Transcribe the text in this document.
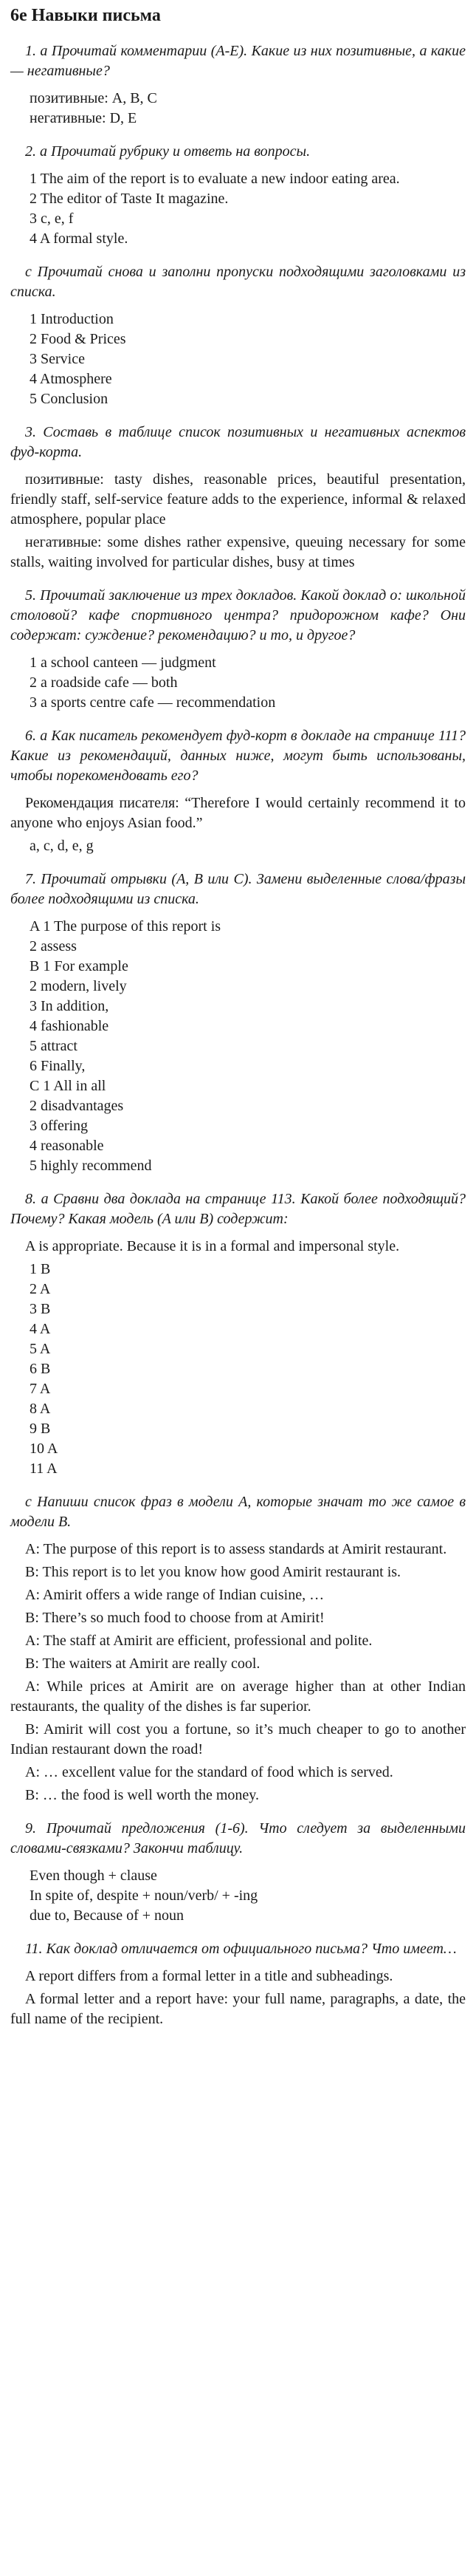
6e Навыки письма
1. a Прочитай комментарии (A-E). Какие из них позитивные, а какие — негативные?
позитивные: A, B, C
негативные: D, E
2. a Прочитай рубрику и ответь на вопросы.
1 The aim of the report is to evaluate a new indoor eating area.
2 The editor of Taste It magazine.
3 c, e, f
4 A formal style.
c Прочитай снова и заполни пропуски подходящими заголовками из списка.
1 Introduction
2 Food & Prices
3 Service
4 Atmosphere
5 Conclusion
3. Составь в таблице список позитивных и негативных аспектов фуд-корта.
позитивные: tasty dishes, reasonable prices, beautiful presentation, friendly staff, self-service feature adds to the experience, informal & relaxed atmosphere, popular place
негативные: some dishes rather expensive, queuing necessary for some stalls, waiting involved for particular dishes, busy at times
5. Прочитай заключение из трех докладов. Какой доклад о: школьной столовой? кафе спортивного центра? придорожном кафе? Они содержат: суждение? рекомендацию? и то, и другое?
1 a school canteen — judgment
2 a roadside cafe — both
3 a sports centre cafe — recommendation
6. a Как писатель рекомендует фуд-корт в докладе на странице 111? Какие из рекомендаций, данных ниже, могут быть использованы, чтобы порекомендовать его?
Рекомендация писателя: “Therefore I would certainly recommend it to anyone who enjoys Asian food.”
a, c, d, e, g
7. Прочитай отрывки (A, B или C). Замени выделенные слова/фразы более подходящими из списка.
A 1 The purpose of this report is
2 assess
B 1 For example
2 modern, lively
3 In addition,
4 fashionable
5 attract
6 Finally,
C 1 All in all
2 disadvantages
3 offering
4 reasonable
5 highly recommend
8. a Сравни два доклада на странице 113. Какой более подходящий? Почему? Какая модель (A или B) содержит:
A is appropriate. Because it is in a formal and impersonal style.
1 B
2 A
3 B
4 A
5 A
6 B
7 A
8 A
9 B
10 A
11 A
c Напиши список фраз в модели A, которые значат то же самое в модели B.
A: The purpose of this report is to assess standards at Amirit restaurant.
B: This report is to let you know how good Amirit restaurant is.
A: Amirit offers a wide range of Indian cuisine, …
B: There’s so much food to choose from at Amirit!
A: The staff at Amirit are efficient, professional and polite.
B: The waiters at Amirit are really cool.
A: While prices at Amirit are on average higher than at other Indian restaurants, the quality of the dishes is far superior.
B: Amirit will cost you a fortune, so it’s much cheaper to go to another Indian restaurant down the road!
A: … excellent value for the standard of food which is served.
B: … the food is well worth the money.
9. Прочитай предложения (1-6). Что следует за выделенными словами-связками? Закончи таблицу.
Even though + clause
In spite of, despite + noun/verb/ + -ing
due to, Because of + noun
11. Как доклад отличается от официального письма? Что имеет…
A report differs from a formal letter in a title and subheadings.
A formal letter and a report have: your full name, paragraphs, a date, the full name of the recipient.
